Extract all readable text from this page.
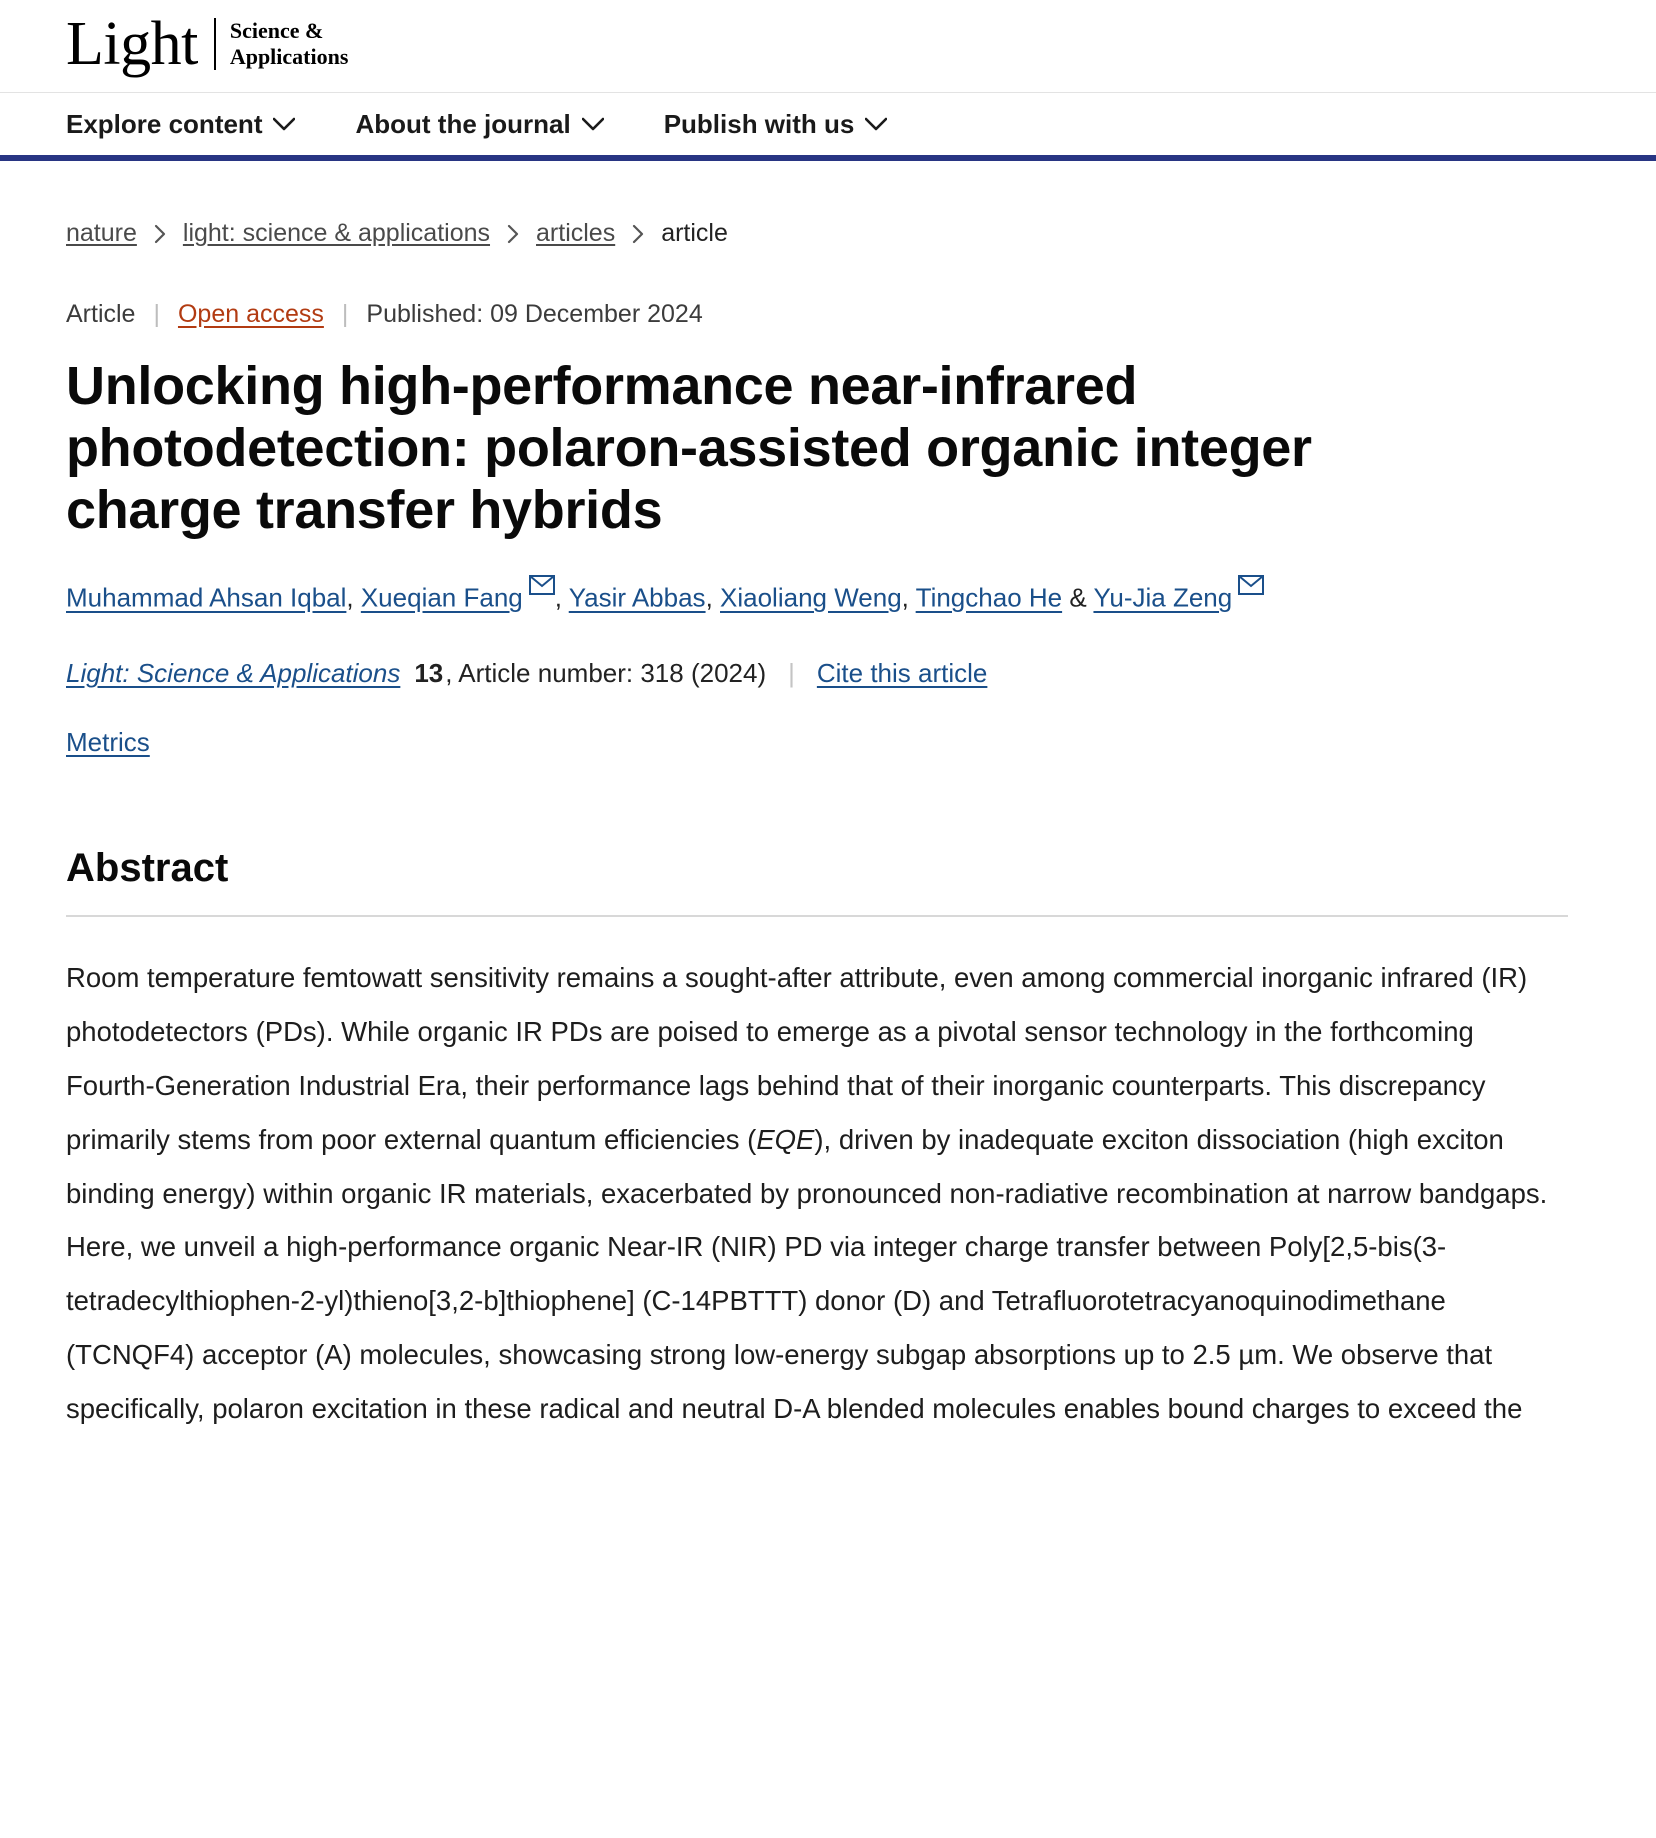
Light Science &
Applications
Explore content	About the journal	Publish with us
nature light: science & applications articles article
Article | Open access | Published: 09 December 2024
Unlocking high-performance near-infrared photodetection: polaron-assisted organic integer charge transfer hybrids
Muhammad Ahsan Iqbal, Xueqian Fang , Yasir Abbas, Xiaoliang Weng, Tingchao He & Yu-Jia Zeng
Light: Science & Applications 13 , Article number: 318 (2024) | Cite this article
Metrics
Abstract
Room temperature femtowatt sensitivity remains a sought-after attribute, even among commercial inorganic infrared (IR) photodetectors (PDs). While organic IR PDs are poised to emerge as a pivotal sensor technology in the forthcoming Fourth-Generation Industrial Era, their performance lags behind that of their inorganic counterparts. This discrepancy primarily stems from poor external quantum efficiencies (EQE), driven by inadequate exciton dissociation (high exciton binding energy) within organic IR materials, exacerbated by pronounced non-radiative recombination at narrow bandgaps. Here, we unveil a high-performance organic Near-IR (NIR) PD via integer charge transfer between Poly[2,5-bis(3-tetradecylthiophen-2-yl)thieno[3,2-b]thiophene] (C-14PBTTT) donor (D) and Tetrafluorotetracyanoquinodimethane (TCNQF4) acceptor (A) molecules, showcasing strong low-energy subgap absorptions up to 2.5 µm. We observe that specifically, polaron excitation in these radical and neutral D-A blended molecules enables bound charges to exceed the
